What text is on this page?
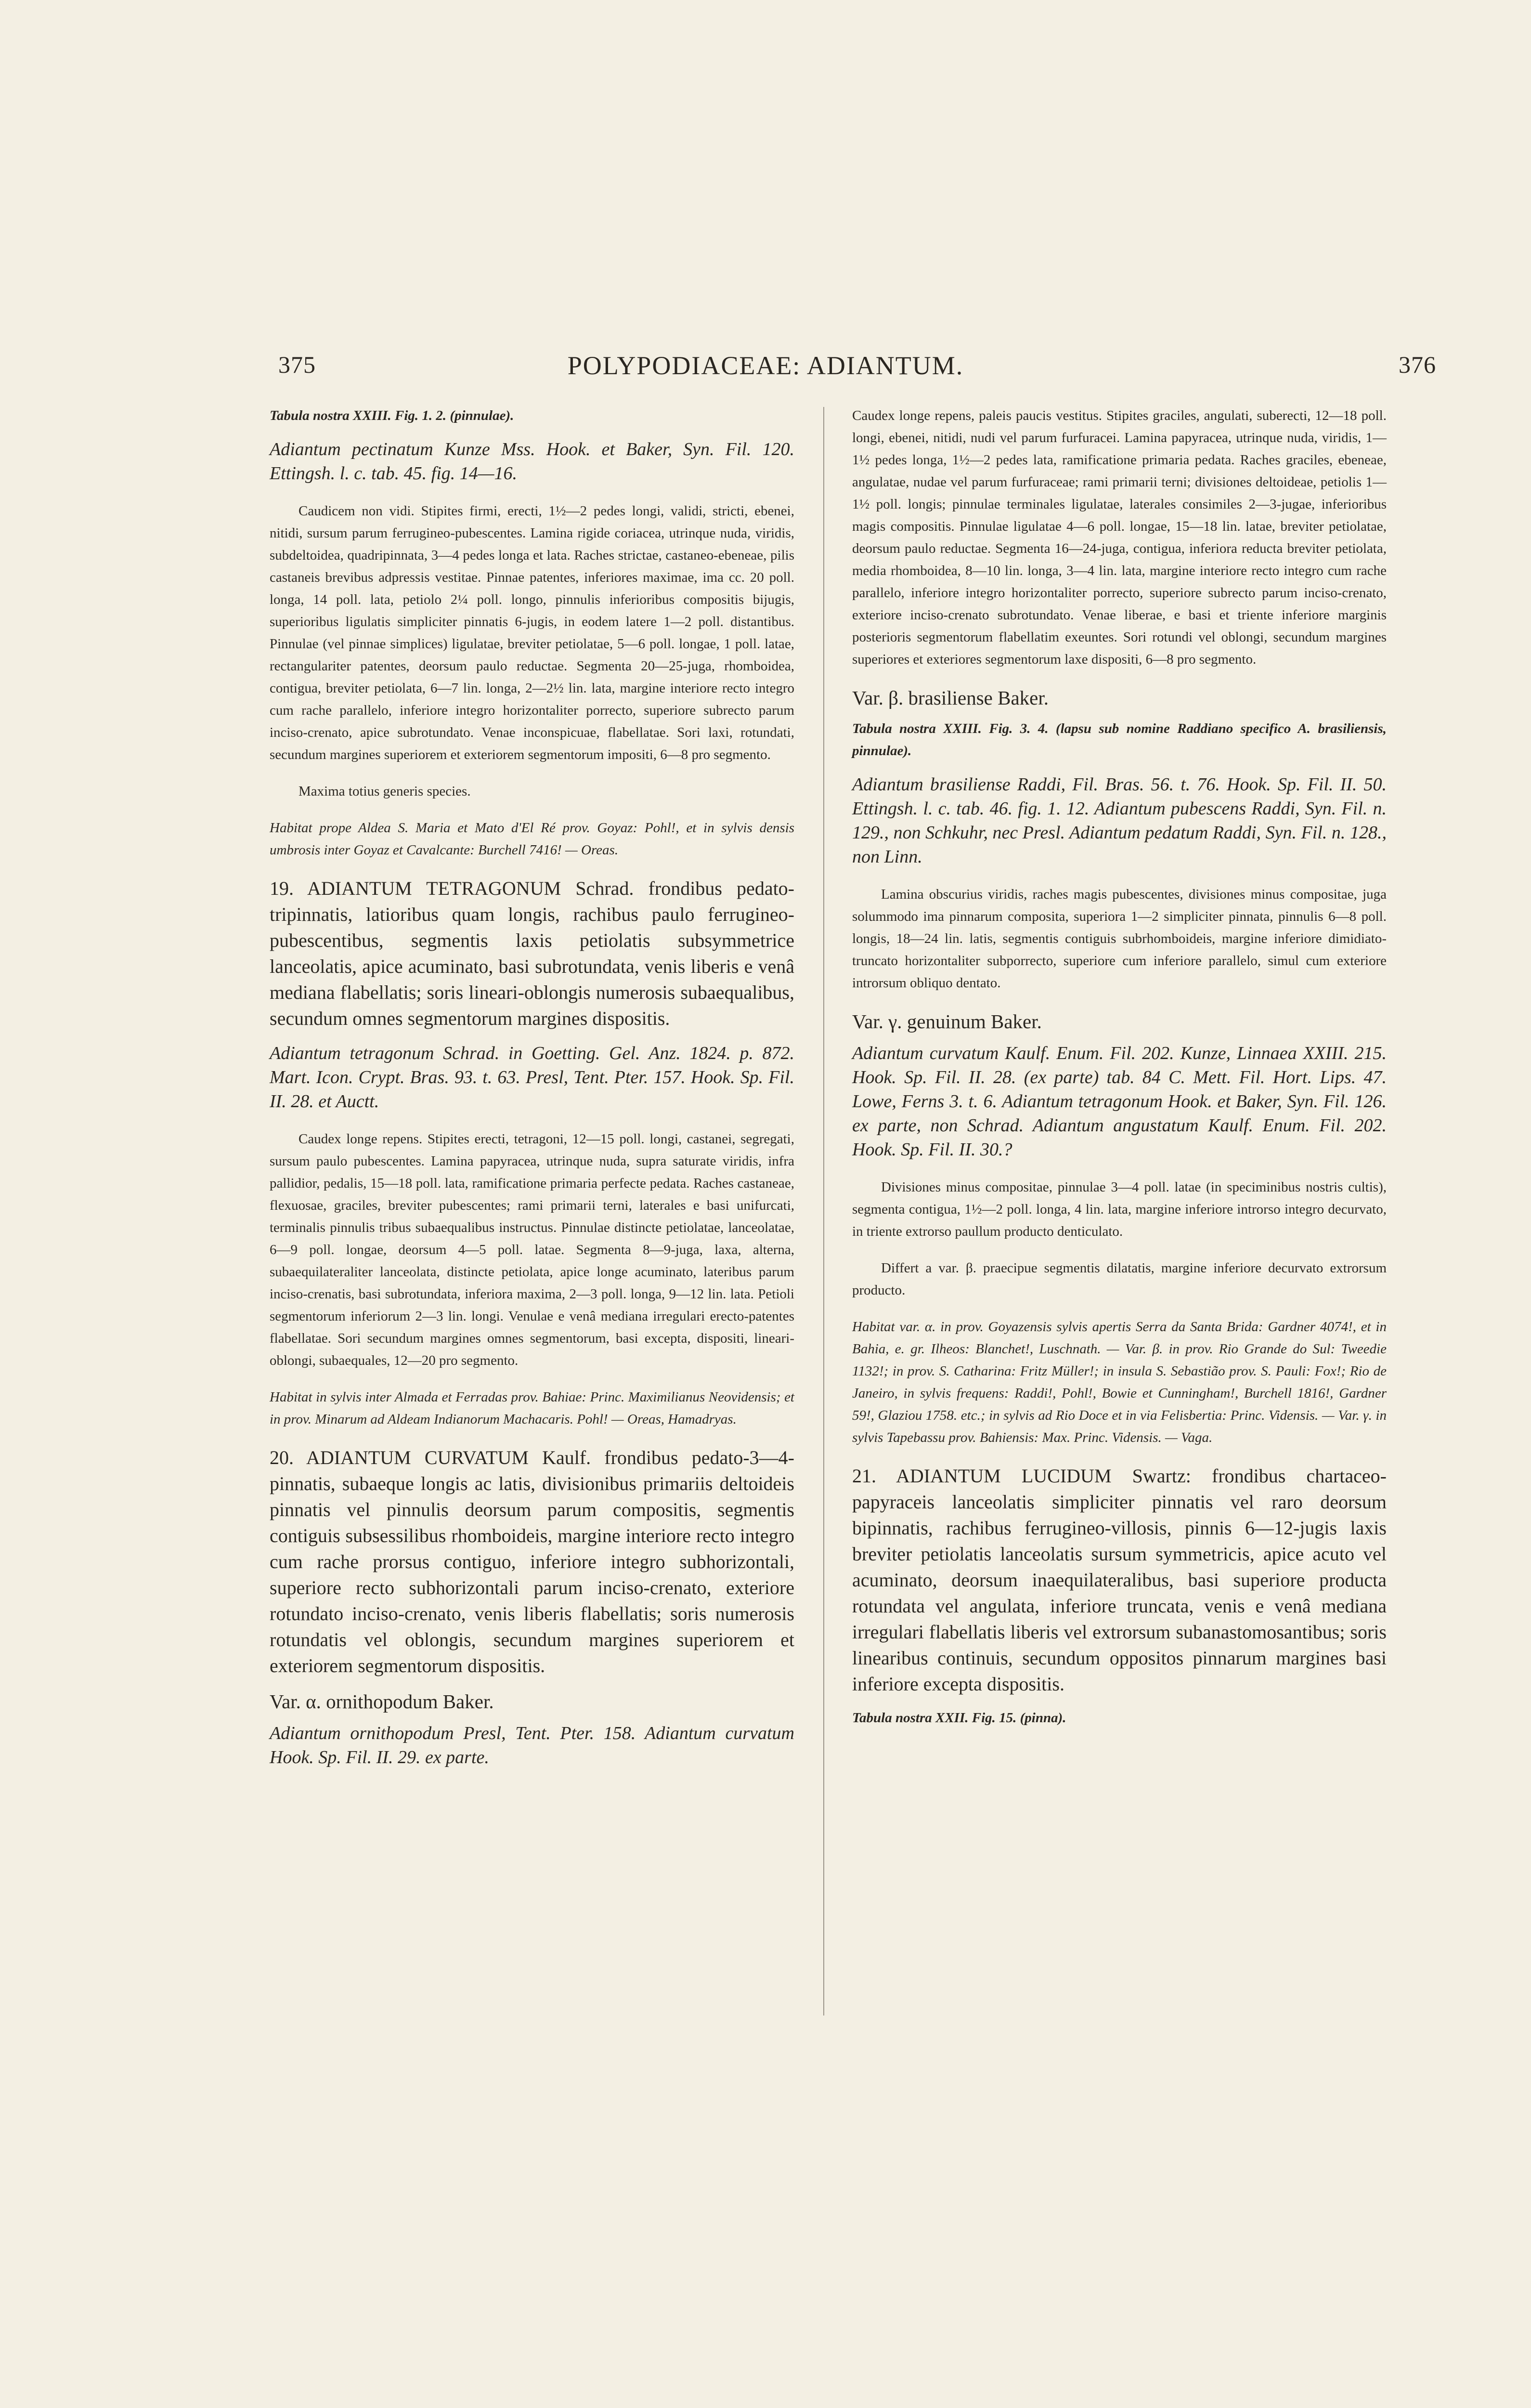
375	POLYPODIACEAE: ADIANTUM.	376

Tabula nostra XXIII. Fig. 1. 2. (pinnulae).

Adiantum pectinatum Kunze Mss. Hook. et Baker, Syn. Fil. 120. Ettingsh. l. c. tab. 45. fig. 14—16.

Caudicem non vidi. Stipites firmi, erecti, 1½—2 pedes longi, validi, stricti, ebenei, nitidi, sursum parum ferrugineo-pubescentes. Lamina rigide coriacea, utrinque nuda, viridis, subdeltoidea, quadripinnata, 3—4 pedes longa et lata. Raches strictae, castaneo-ebeneae, pilis castaneis brevibus adpressis vestitae. Pinnae patentes, inferiores maximae, ima cc. 20 poll. longa, 14 poll. lata, petiolo 2¼ poll. longo, pinnulis inferioribus compositis bijugis, superioribus ligulatis simpliciter pinnatis 6-jugis, in eodem latere 1—2 poll. distantibus. Pinnulae (vel pinnae simplices) ligulatae, breviter petiolatae, 5—6 poll. longae, 1 poll. latae, rectangulariter patentes, deorsum paulo reductae. Segmenta 20—25-juga, rhomboidea, contigua, breviter petiolata, 6—7 lin. longa, 2—2½ lin. lata, margine interiore recto integro cum rache parallelo, inferiore integro horizontaliter porrecto, superiore subrecto parum inciso-crenato, apice subrotundato. Venae inconspicuae, flabellatae. Sori laxi, rotundati, secundum margines superiorem et exteriorem segmentorum impositi, 6—8 pro segmento.

Maxima totius generis species.

Habitat prope Aldea S. Maria et Mato d'El Ré prov. Goyaz: Pohl!, et in sylvis densis umbrosis inter Goyaz et Cavalcante: Burchell 7416! — Oreas.

19. ADIANTUM TETRAGONUM Schrad. frondibus pedato-tripinnatis, latioribus quam longis, rachibus paulo ferrugineo-pubescentibus, segmentis laxis petiolatis subsymmetrice lanceolatis, apice acuminato, basi subrotundata, venis liberis e venâ mediana flabellatis; soris lineari-oblongis numerosis subaequalibus, secundum omnes segmentorum margines dispositis.

Adiantum tetragonum Schrad. in Goetting. Gel. Anz. 1824. p. 872. Mart. Icon. Crypt. Bras. 93. t. 63. Presl, Tent. Pter. 157. Hook. Sp. Fil. II. 28. et Auctt.

Caudex longe repens. Stipites erecti, tetragoni, 12—15 poll. longi, castanei, segregati, sursum paulo pubescentes. Lamina papyracea, utrinque nuda, supra saturate viridis, infra pallidior, pedalis, 15—18 poll. lata, ramificatione primaria perfecte pedata. Raches castaneae, flexuosae, graciles, breviter pubescentes; rami primarii terni, laterales e basi unifurcati, terminalis pinnulis tribus subaequalibus instructus. Pinnulae distincte petiolatae, lanceolatae, 6—9 poll. longae, deorsum 4—5 poll. latae. Segmenta 8—9-juga, laxa, alterna, subaequilateraliter lanceolata, distincte petiolata, apice longe acuminato, lateribus parum inciso-crenatis, basi subrotundata, inferiora maxima, 2—3 poll. longa, 9—12 lin. lata. Petioli segmentorum inferiorum 2—3 lin. longi. Venulae e venâ mediana irregulari erecto-patentes flabellatae. Sori secundum margines omnes segmentorum, basi excepta, dispositi, lineari-oblongi, subaequales, 12—20 pro segmento.

Habitat in sylvis inter Almada et Ferradas prov. Bahiae: Princ. Maximilianus Neovidensis; et in prov. Minarum ad Aldeam Indianorum Machacaris. Pohl! — Oreas, Hamadryas.

20. ADIANTUM CURVATUM Kaulf. frondibus pedato-3—4-pinnatis, subaeque longis ac latis, divisionibus primariis deltoideis pinnatis vel pinnulis deorsum parum compositis, segmentis contiguis subsessilibus rhomboideis, margine interiore recto integro cum rache prorsus contiguo, inferiore integro subhorizontali, superiore recto subhorizontali parum inciso-crenato, exteriore rotundato inciso-crenato, venis liberis flabellatis; soris numerosis rotundatis vel oblongis, secundum margines superiorem et exteriorem segmentorum dispositis.

Var. α. ornithopodum Baker.

Adiantum ornithopodum Presl, Tent. Pter. 158. Adiantum curvatum Hook. Sp. Fil. II. 29. ex parte.

Caudex longe repens, paleis paucis vestitus. Stipites graciles, angulati, suberecti, 12—18 poll. longi, ebenei, nitidi, nudi vel parum furfuracei. Lamina papyracea, utrinque nuda, viridis, 1—1½ pedes longa, 1½—2 pedes lata, ramificatione primaria pedata. Raches graciles, ebeneae, angulatae, nudae vel parum furfuraceae; rami primarii terni; divisiones deltoideae, petiolis 1—1½ poll. longis; pinnulae terminales ligulatae, laterales consimiles 2—3-jugae, inferioribus magis compositis. Pinnulae ligulatae 4—6 poll. longae, 15—18 lin. latae, breviter petiolatae, deorsum paulo reductae. Segmenta 16—24-juga, contigua, inferiora reducta breviter petiolata, media rhomboidea, 8—10 lin. longa, 3—4 lin. lata, margine interiore recto integro cum rache parallelo, inferiore integro horizontaliter porrecto, superiore subrecto parum inciso-crenato, exteriore inciso-crenato subrotundato. Venae liberae, e basi et triente inferiore marginis posterioris segmentorum flabellatim exeuntes. Sori rotundi vel oblongi, secundum margines superiores et exteriores segmentorum laxe dispositi, 6—8 pro segmento.

Var. β. brasiliense Baker.

Tabula nostra XXIII. Fig. 3. 4. (lapsu sub nomine Raddiano specifico A. brasiliensis, pinnulae).

Adiantum brasiliense Raddi, Fil. Bras. 56. t. 76. Hook. Sp. Fil. II. 50. Ettingsh. l. c. tab. 46. fig. 1. 12. Adiantum pubescens Raddi, Syn. Fil. n. 129., non Schkuhr, nec Presl. Adiantum pedatum Raddi, Syn. Fil. n. 128., non Linn.

Lamina obscurius viridis, raches magis pubescentes, divisiones minus compositae, juga solummodo ima pinnarum composita, superiora 1—2 simpliciter pinnata, pinnulis 6—8 poll. longis, 18—24 lin. latis, segmentis contiguis subrhomboideis, margine inferiore dimidiato-truncato horizontaliter subporrecto, superiore cum inferiore parallelo, simul cum exteriore introrsum obliquo dentato.

Var. γ. genuinum Baker.

Adiantum curvatum Kaulf. Enum. Fil. 202. Kunze, Linnaea XXIII. 215. Hook. Sp. Fil. II. 28. (ex parte) tab. 84 C. Mett. Fil. Hort. Lips. 47. Lowe, Ferns 3. t. 6. Adiantum tetragonum Hook. et Baker, Syn. Fil. 126. ex parte, non Schrad. Adiantum angustatum Kaulf. Enum. Fil. 202. Hook. Sp. Fil. II. 30.?

Divisiones minus compositae, pinnulae 3—4 poll. latae (in speciminibus nostris cultis), segmenta contigua, 1½—2 poll. longa, 4 lin. lata, margine inferiore introrso integro decurvato, in triente extrorso paullum producto denticulato.

Differt a var. β. praecipue segmentis dilatatis, margine inferiore decurvato extrorsum producto.

Habitat var. α. in prov. Goyazensis sylvis apertis Serra da Santa Brida: Gardner 4074!, et in Bahia, e. gr. Ilheos: Blanchet!, Luschnath. — Var. β. in prov. Rio Grande do Sul: Tweedie 1132!; in prov. S. Catharina: Fritz Müller!; in insula S. Sebastião prov. S. Pauli: Fox!; Rio de Janeiro, in sylvis frequens: Raddi!, Pohl!, Bowie et Cunningham!, Burchell 1816!, Gardner 59!, Glaziou 1758. etc.; in sylvis ad Rio Doce et in via Felisbertia: Princ. Vidensis. — Var. γ. in sylvis Tapebassu prov. Bahiensis: Max. Princ. Vidensis. — Vaga.

21. ADIANTUM LUCIDUM Swartz: frondibus chartaceo-papyraceis lanceolatis simpliciter pinnatis vel raro deorsum bipinnatis, rachibus ferrugineo-villosis, pinnis 6—12-jugis laxis breviter petiolatis lanceolatis sursum symmetricis, apice acuto vel acuminato, deorsum inaequilateralibus, basi superiore producta rotundata vel angulata, inferiore truncata, venis e venâ mediana irregulari flabellatis liberis vel extrorsum subanastomosantibus; soris linearibus continuis, secundum oppositos pinnarum margines basi inferiore excepta dispositis.

Tabula nostra XXII. Fig. 15. (pinna).
